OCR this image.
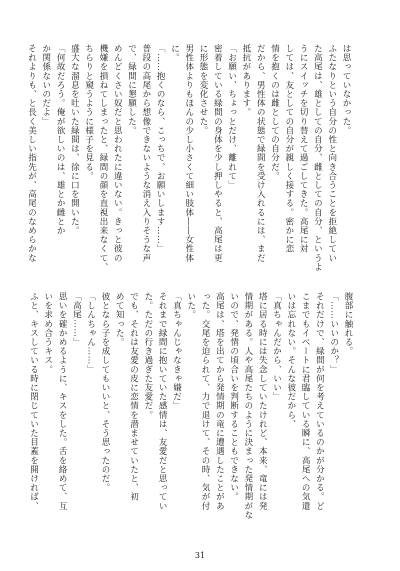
は思っていなかった。
ふたなりという自分の性と向き合うことを拒絶してい
た高尾は、雄としての自分、雌としての自分、というよ
うにスイッチを切り替えて過ごしてきた。高尾に対
しては、友としての自分が親しく接する。密かに恋
情を抱くのは雌としての自分だ。
だから、男性体の状態で緑間を受け入れるには、まだ
抵抗があります。
「お願い、ちょっとだけ、離れて」
密着している緑間の身体を少し押しやると、高尾は更
に形態を変化させた。
男性体よりもほんの少し小さくて細い肢体――女性体
に。
「……抱くのなら、こっちで、お願いします……」
普段の高尾から想像できないような消え入りそうな声
で、緑間に懇願した。
めんどくさい奴だと思われたに違いない。きっと彼の
機嫌を損ねてしまったと、緑間の顔を直視出来なくて、
ちらりと窺うように様子を見る。
盛大な溜息を吐いた緑間は、徐に口を開いた。
「何故だろう。俺が欲しいのは、雄とか雌とか
か関係ないのだよ」
それよりも、と長く美しい指先が、高尾のなめらかな
腹部に触れる。
「……いいのか？」
それだけで、緑間が何を考えているのかが分かる。ど
こまでもイベートに君臨している瞬に、高尾への気遣
いは忘れない。そんな彼だから、
「真ちゃんだから、いい」
塔に居る時には失念していたけれど、本来、竜には発
情期がある。人や高尾たちのように決まった発情期がな
いので、発情の頃合いを判断することもできない。
高尾は、塔を出てから発情期の竜に遭遇したことがあ
った。交尾を迫られて、力で退けて、その時、気が付
いた。
「真ちゃんじゃなきゃ嫌だ」
それまで緑間に抱いていた感情は、友愛だと思ってい
た。ただの行き過ぎた友愛だ。
でも、それは友愛の皮に恋情を潜ませていたと、初
めて知った。
彼となら子を成してもいいと、そう思ったのだ。
「しんちゃん……」
「高尾……」
思いを確かめるように、キスをした。舌を絡めて、互
いを求め合うキス。
ふと、キスしている時に閉じていた目蓋を開ければ、
31
